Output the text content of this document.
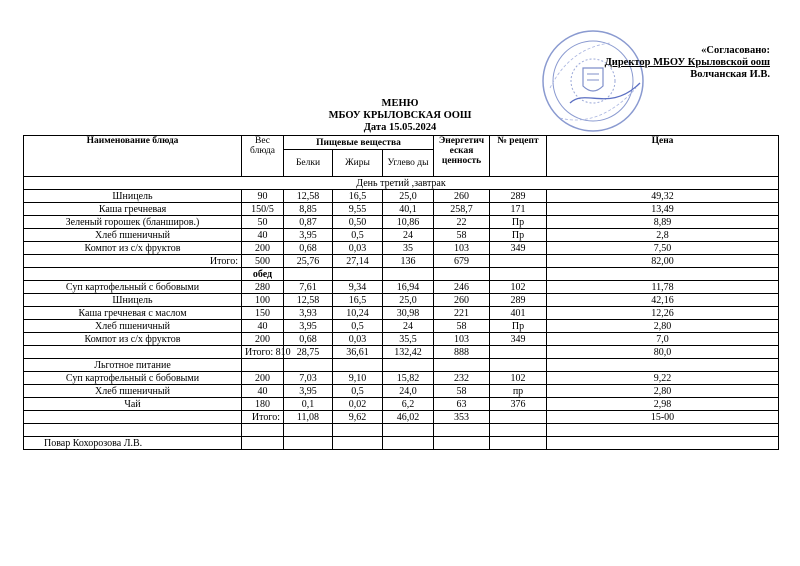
«Согласовано:
Директор МБОУ Крыловской оош
Волчанская И.В.
МЕНЮ
МБОУ КРЫЛОВСКАЯ ООШ
Дата 15.05.2024
Наименование блюда	Вес блюда	Пищевые вещества			Энергетич еская ценность	№ рецепт	Цена
		Белки	Жиры	Углево ды			
День третий ,завтрак							
Шницель	90	12,58	16,5	25,0	260	289	49,32
Каша гречневая	150/5	8,85	9,55	40,1	258,7	171	13,49
Зеленый горошек (бланширов.)	50	0,87	0,50	10,86	22	Пр	8,89
Хлеб пшеничный	40	3,95	0,5	24	58	Пр	2,8
Компот из с/х фруктов	200	0,68	0,03	35	103	349	7,50
Итого:	500	25,76	27,14	136	679		82,00
	обед						
Суп картофельный с бобовыми	280	7,61	9,34	16,94	246	102	11,78
Шницель	100	12,58	16,5	25,0	260	289	42,16
Каша гречневая с маслом	150	3,93	10,24	30,98	221	401	12,26
Хлеб пшеничный	40	3,95	0,5	24	58	Пр	2,80
Компот из с/х фруктов	200	0,68	0,03	35,5	103	349	7,0
	Итого: 810	28,75	36,61	132,42	888		80,0
Льготное питание							
Суп картофельный с бобовыми	200	7,03	9,10	15,82	232	102	9,22
Хлеб пшеничный	40	3,95	0,5	24,0	58	пр	2,80
Чай	180	0,1	0,02	6,2	63	376	2,98
	Итого:	11,08	9,62	46,02	353		15-00

Повар Кохорозова Л.В.							
